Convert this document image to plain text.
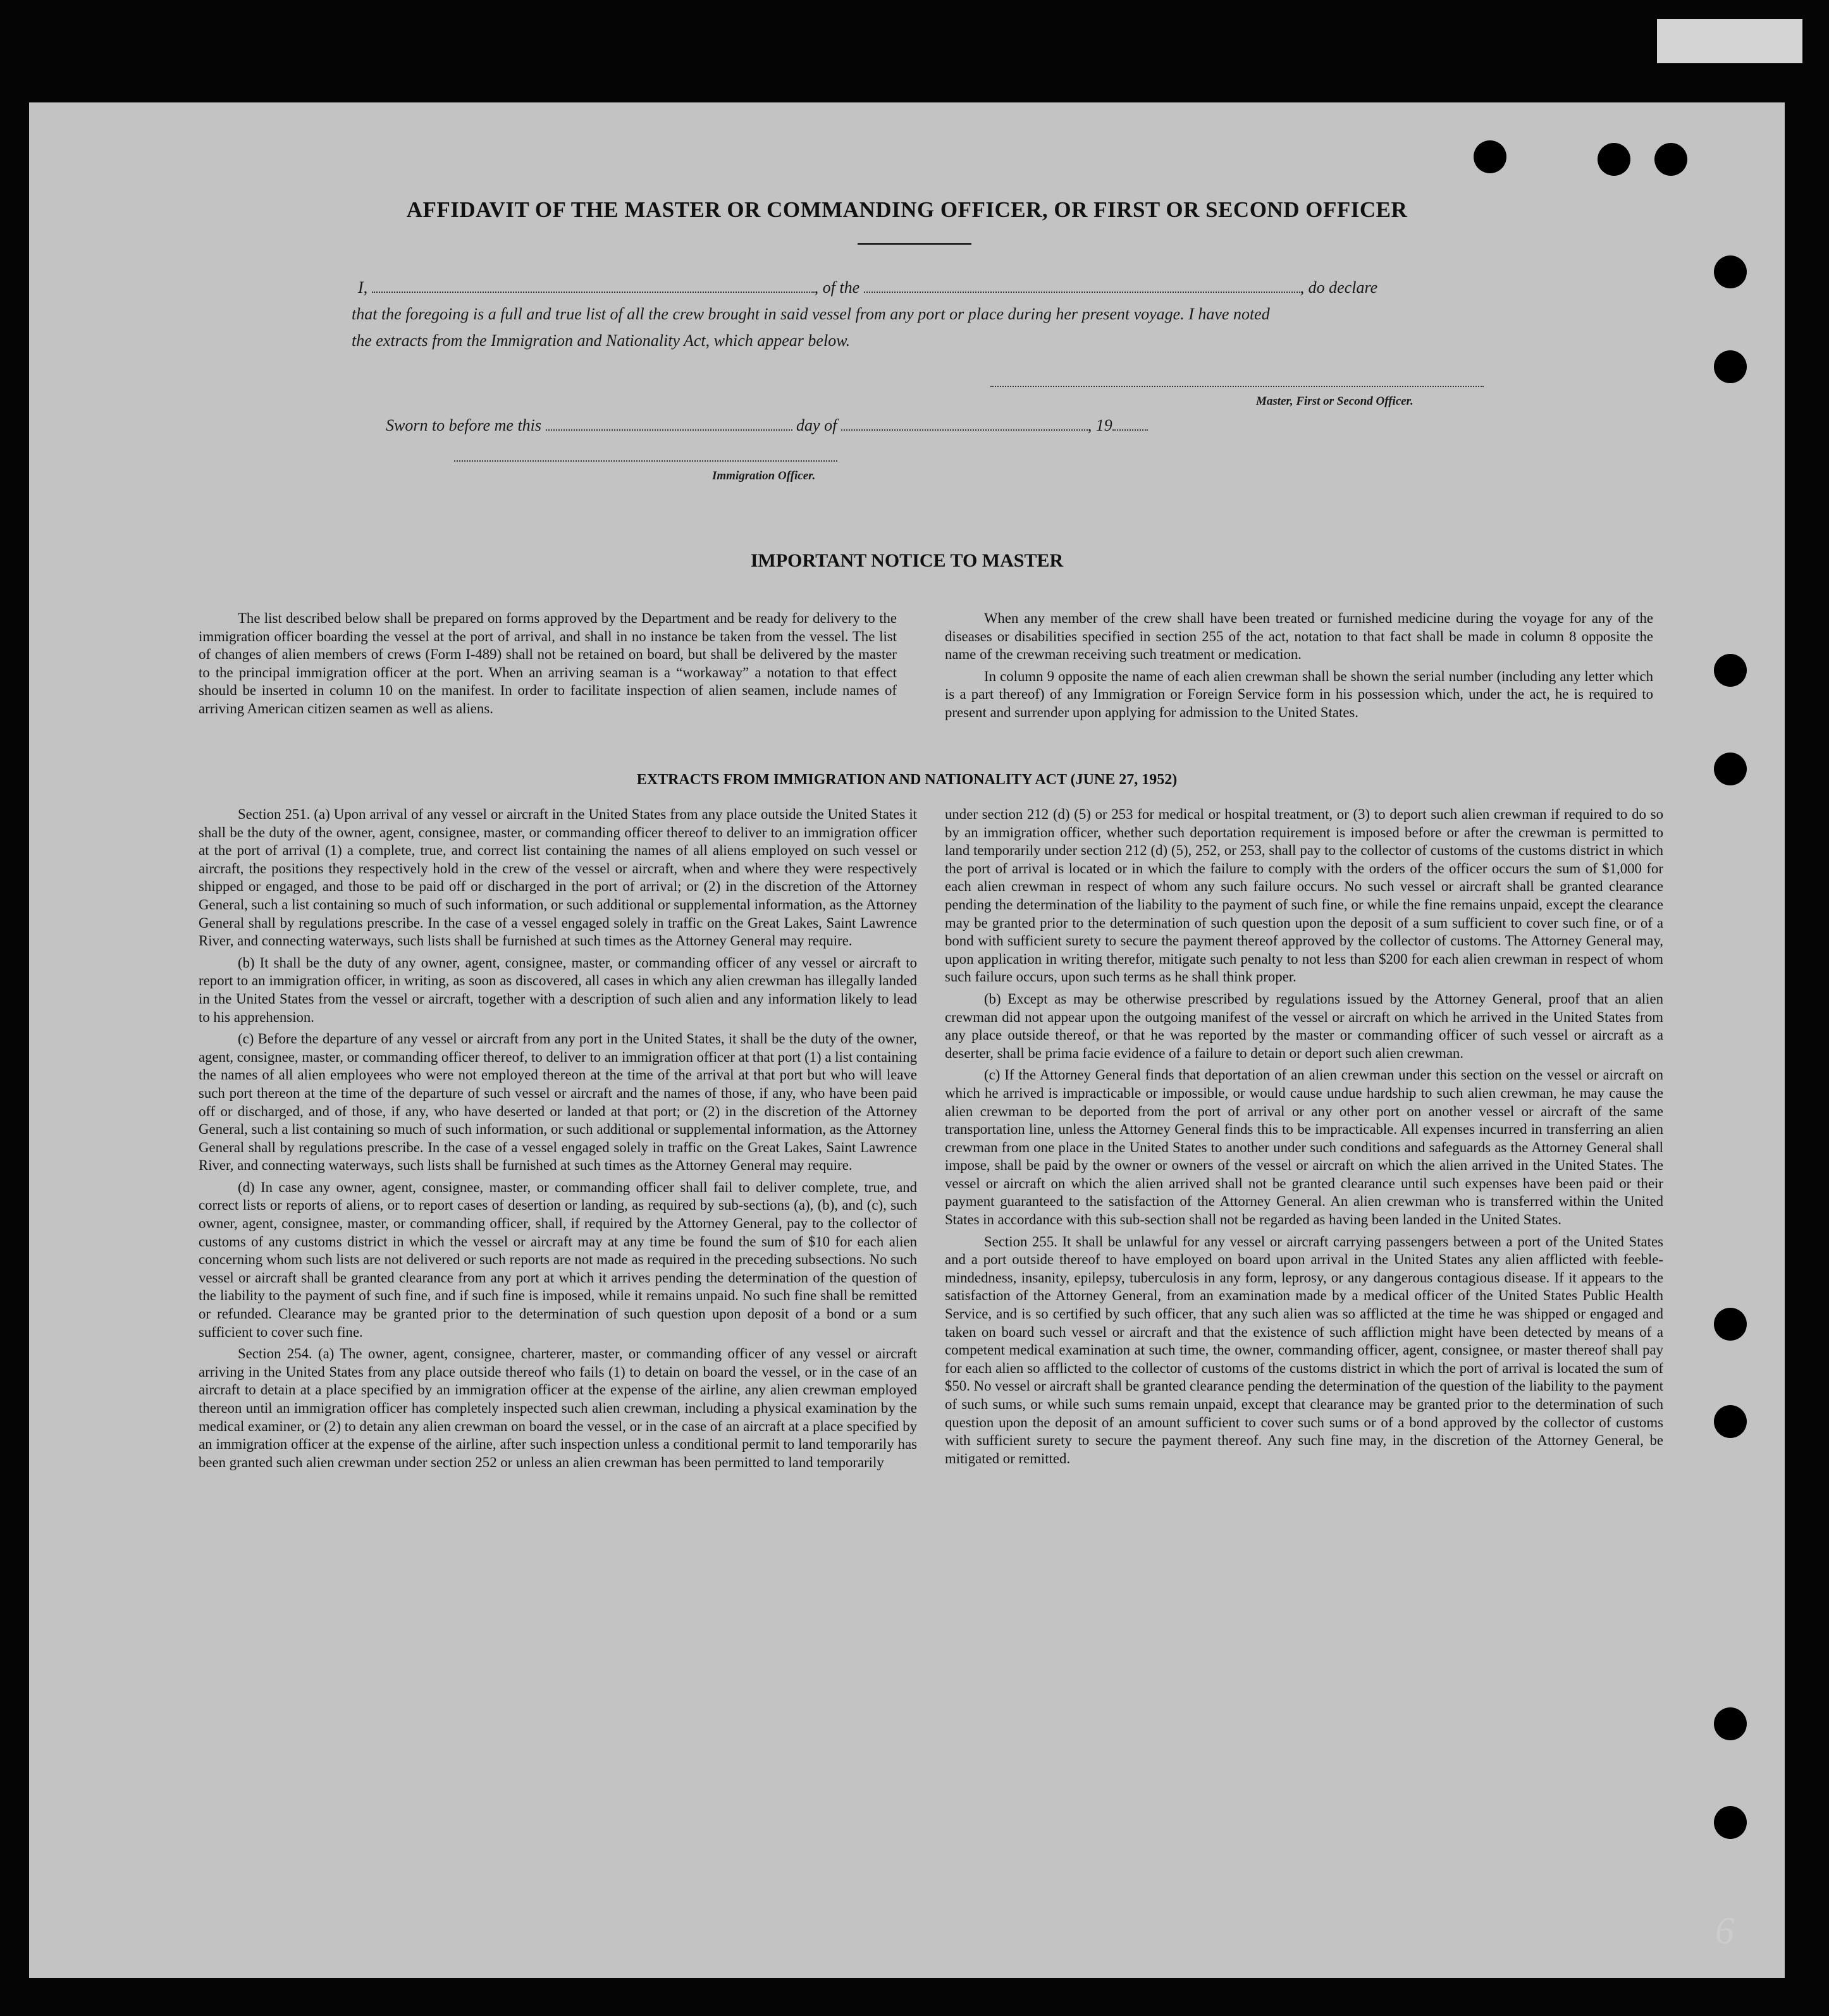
AFFIDAVIT OF THE MASTER OR COMMANDING OFFICER, OR FIRST OR SECOND OFFICER
I,	, of the	, do declare
that the foregoing is a full and true list of all the crew brought in said vessel from any port or place during her present voyage. I have noted
the extracts from the Immigration and Nationality Act, which appear below.
Master, First or Second Officer.
Sworn to before me this	day of	, 19
Immigration Officer.
IMPORTANT NOTICE TO MASTER

The list described below shall be prepared on forms approved by the Department and be ready for delivery to the immigration officer boarding the vessel at the port of arrival, and shall in no instance be taken from the vessel. The list of changes of alien members of crews (Form I-489) shall not be retained on board, but shall be delivered by the master to the principal immigration officer at the port. When an arriving seaman is a “workaway” a notation to that effect should be inserted in column 10 on the manifest. In order to facilitate inspection of alien seamen, include names of arriving American citizen seamen as well as aliens.

When any member of the crew shall have been treated or furnished medicine during the voyage for any of the diseases or disabilities specified in section 255 of the act, notation to that fact shall be made in column 8 opposite the name of the crewman receiving such treatment or medication.

In column 9 opposite the name of each alien crewman shall be shown the serial number (including any letter which is a part thereof) of any Immigration or Foreign Service form in his possession which, under the act, he is required to present and surrender upon applying for admission to the United States.

EXTRACTS FROM IMMIGRATION AND NATIONALITY ACT (JUNE 27, 1952)

Section 251. (a) Upon arrival of any vessel or aircraft in the United States from any place outside the United States it shall be the duty of the owner, agent, consignee, master, or commanding officer thereof to deliver to an immigration officer at the port of arrival (1) a complete, true, and correct list containing the names of all aliens employed on such vessel or aircraft, the positions they respectively hold in the crew of the vessel or aircraft, when and where they were respectively shipped or engaged, and those to be paid off or discharged in the port of arrival; or (2) in the discretion of the Attorney General, such a list containing so much of such information, or such additional or supplemental information, as the Attorney General shall by regulations prescribe. In the case of a vessel engaged solely in traffic on the Great Lakes, Saint Lawrence River, and connecting waterways, such lists shall be furnished at such times as the Attorney General may require.

(b) It shall be the duty of any owner, agent, consignee, master, or commanding officer of any vessel or aircraft to report to an immigration officer, in writing, as soon as discovered, all cases in which any alien crewman has illegally landed in the United States from the vessel or aircraft, together with a description of such alien and any information likely to lead to his apprehension.

(c) Before the departure of any vessel or aircraft from any port in the United States, it shall be the duty of the owner, agent, consignee, master, or commanding officer thereof, to deliver to an immigration officer at that port (1) a list containing the names of all alien employees who were not employed thereon at the time of the arrival at that port but who will leave such port thereon at the time of the departure of such vessel or aircraft and the names of those, if any, who have been paid off or discharged, and of those, if any, who have deserted or landed at that port; or (2) in the discretion of the Attorney General, such a list containing so much of such information, or such additional or supplemental information, as the Attorney General shall by regulations prescribe. In the case of a vessel engaged solely in traffic on the Great Lakes, Saint Lawrence River, and connecting waterways, such lists shall be furnished at such times as the Attorney General may require.

(d) In case any owner, agent, consignee, master, or commanding officer shall fail to deliver complete, true, and correct lists or reports of aliens, or to report cases of desertion or landing, as required by sub-sections (a), (b), and (c), such owner, agent, consignee, master, or commanding officer, shall, if required by the Attorney General, pay to the collector of customs of any customs district in which the vessel or aircraft may at any time be found the sum of $10 for each alien concerning whom such lists are not delivered or such reports are not made as required in the preceding subsections. No such vessel or aircraft shall be granted clearance from any port at which it arrives pending the determination of the question of the liability to the payment of such fine, and if such fine is imposed, while it remains unpaid. No such fine shall be remitted or refunded. Clearance may be granted prior to the determination of such question upon deposit of a bond or a sum sufficient to cover such fine.

Section 254. (a) The owner, agent, consignee, charterer, master, or commanding officer of any vessel or aircraft arriving in the United States from any place outside thereof who fails (1) to detain on board the vessel, or in the case of an aircraft to detain at a place specified by an immigration officer at the expense of the airline, any alien crewman employed thereon until an immigration officer has completely inspected such alien crewman, including a physical examination by the medical examiner, or (2) to detain any alien crewman on board the vessel, or in the case of an aircraft at a place specified by an immigration officer at the expense of the airline, after such inspection unless a conditional permit to land temporarily has been granted such alien crewman under section 252 or unless an alien crewman has been permitted to land temporarily

under section 212 (d) (5) or 253 for medical or hospital treatment, or (3) to deport such alien crewman if required to do so by an immigration officer, whether such deportation requirement is imposed before or after the crewman is permitted to land temporarily under section 212 (d) (5), 252, or 253, shall pay to the collector of customs of the customs district in which the port of arrival is located or in which the failure to comply with the orders of the officer occurs the sum of $1,000 for each alien crewman in respect of whom any such failure occurs. No such vessel or aircraft shall be granted clearance pending the determination of the liability to the payment of such fine, or while the fine remains unpaid, except the clearance may be granted prior to the determination of such question upon the deposit of a sum sufficient to cover such fine, or of a bond with sufficient surety to secure the payment thereof approved by the collector of customs. The Attorney General may, upon application in writing therefor, mitigate such penalty to not less than $200 for each alien crewman in respect of whom such failure occurs, upon such terms as he shall think proper.

(b) Except as may be otherwise prescribed by regulations issued by the Attorney General, proof that an alien crewman did not appear upon the outgoing manifest of the vessel or aircraft on which he arrived in the United States from any place outside thereof, or that he was reported by the master or commanding officer of such vessel or aircraft as a deserter, shall be prima facie evidence of a failure to detain or deport such alien crewman.

(c) If the Attorney General finds that deportation of an alien crewman under this section on the vessel or aircraft on which he arrived is impracticable or impossible, or would cause undue hardship to such alien crewman, he may cause the alien crewman to be deported from the port of arrival or any other port on another vessel or aircraft of the same transportation line, unless the Attorney General finds this to be impracticable. All expenses incurred in transferring an alien crewman from one place in the United States to another under such conditions and safeguards as the Attorney General shall impose, shall be paid by the owner or owners of the vessel or aircraft on which the alien arrived in the United States. The vessel or aircraft on which the alien arrived shall not be granted clearance until such expenses have been paid or their payment guaranteed to the satisfaction of the Attorney General. An alien crewman who is transferred within the United States in accordance with this sub-section shall not be regarded as having been landed in the United States.

Section 255. It shall be unlawful for any vessel or aircraft carrying passengers between a port of the United States and a port outside thereof to have employed on board upon arrival in the United States any alien afflicted with feeble-mindedness, insanity, epilepsy, tuberculosis in any form, leprosy, or any dangerous contagious disease. If it appears to the satisfaction of the Attorney General, from an examination made by a medical officer of the United States Public Health Service, and is so certified by such officer, that any such alien was so afflicted at the time he was shipped or engaged and taken on board such vessel or aircraft and that the existence of such affliction might have been detected by means of a competent medical examination at such time, the owner, commanding officer, agent, consignee, or master thereof shall pay for each alien so afflicted to the collector of customs of the customs district in which the port of arrival is located the sum of $50. No vessel or aircraft shall be granted clearance pending the determination of the question of the liability to the payment of such sums, or while such sums remain unpaid, except that clearance may be granted prior to the determination of such question upon the deposit of an amount sufficient to cover such sums or of a bond approved by the collector of customs with sufficient surety to secure the payment thereof. Any such fine may, in the discretion of the Attorney General, be mitigated or remitted.

6
